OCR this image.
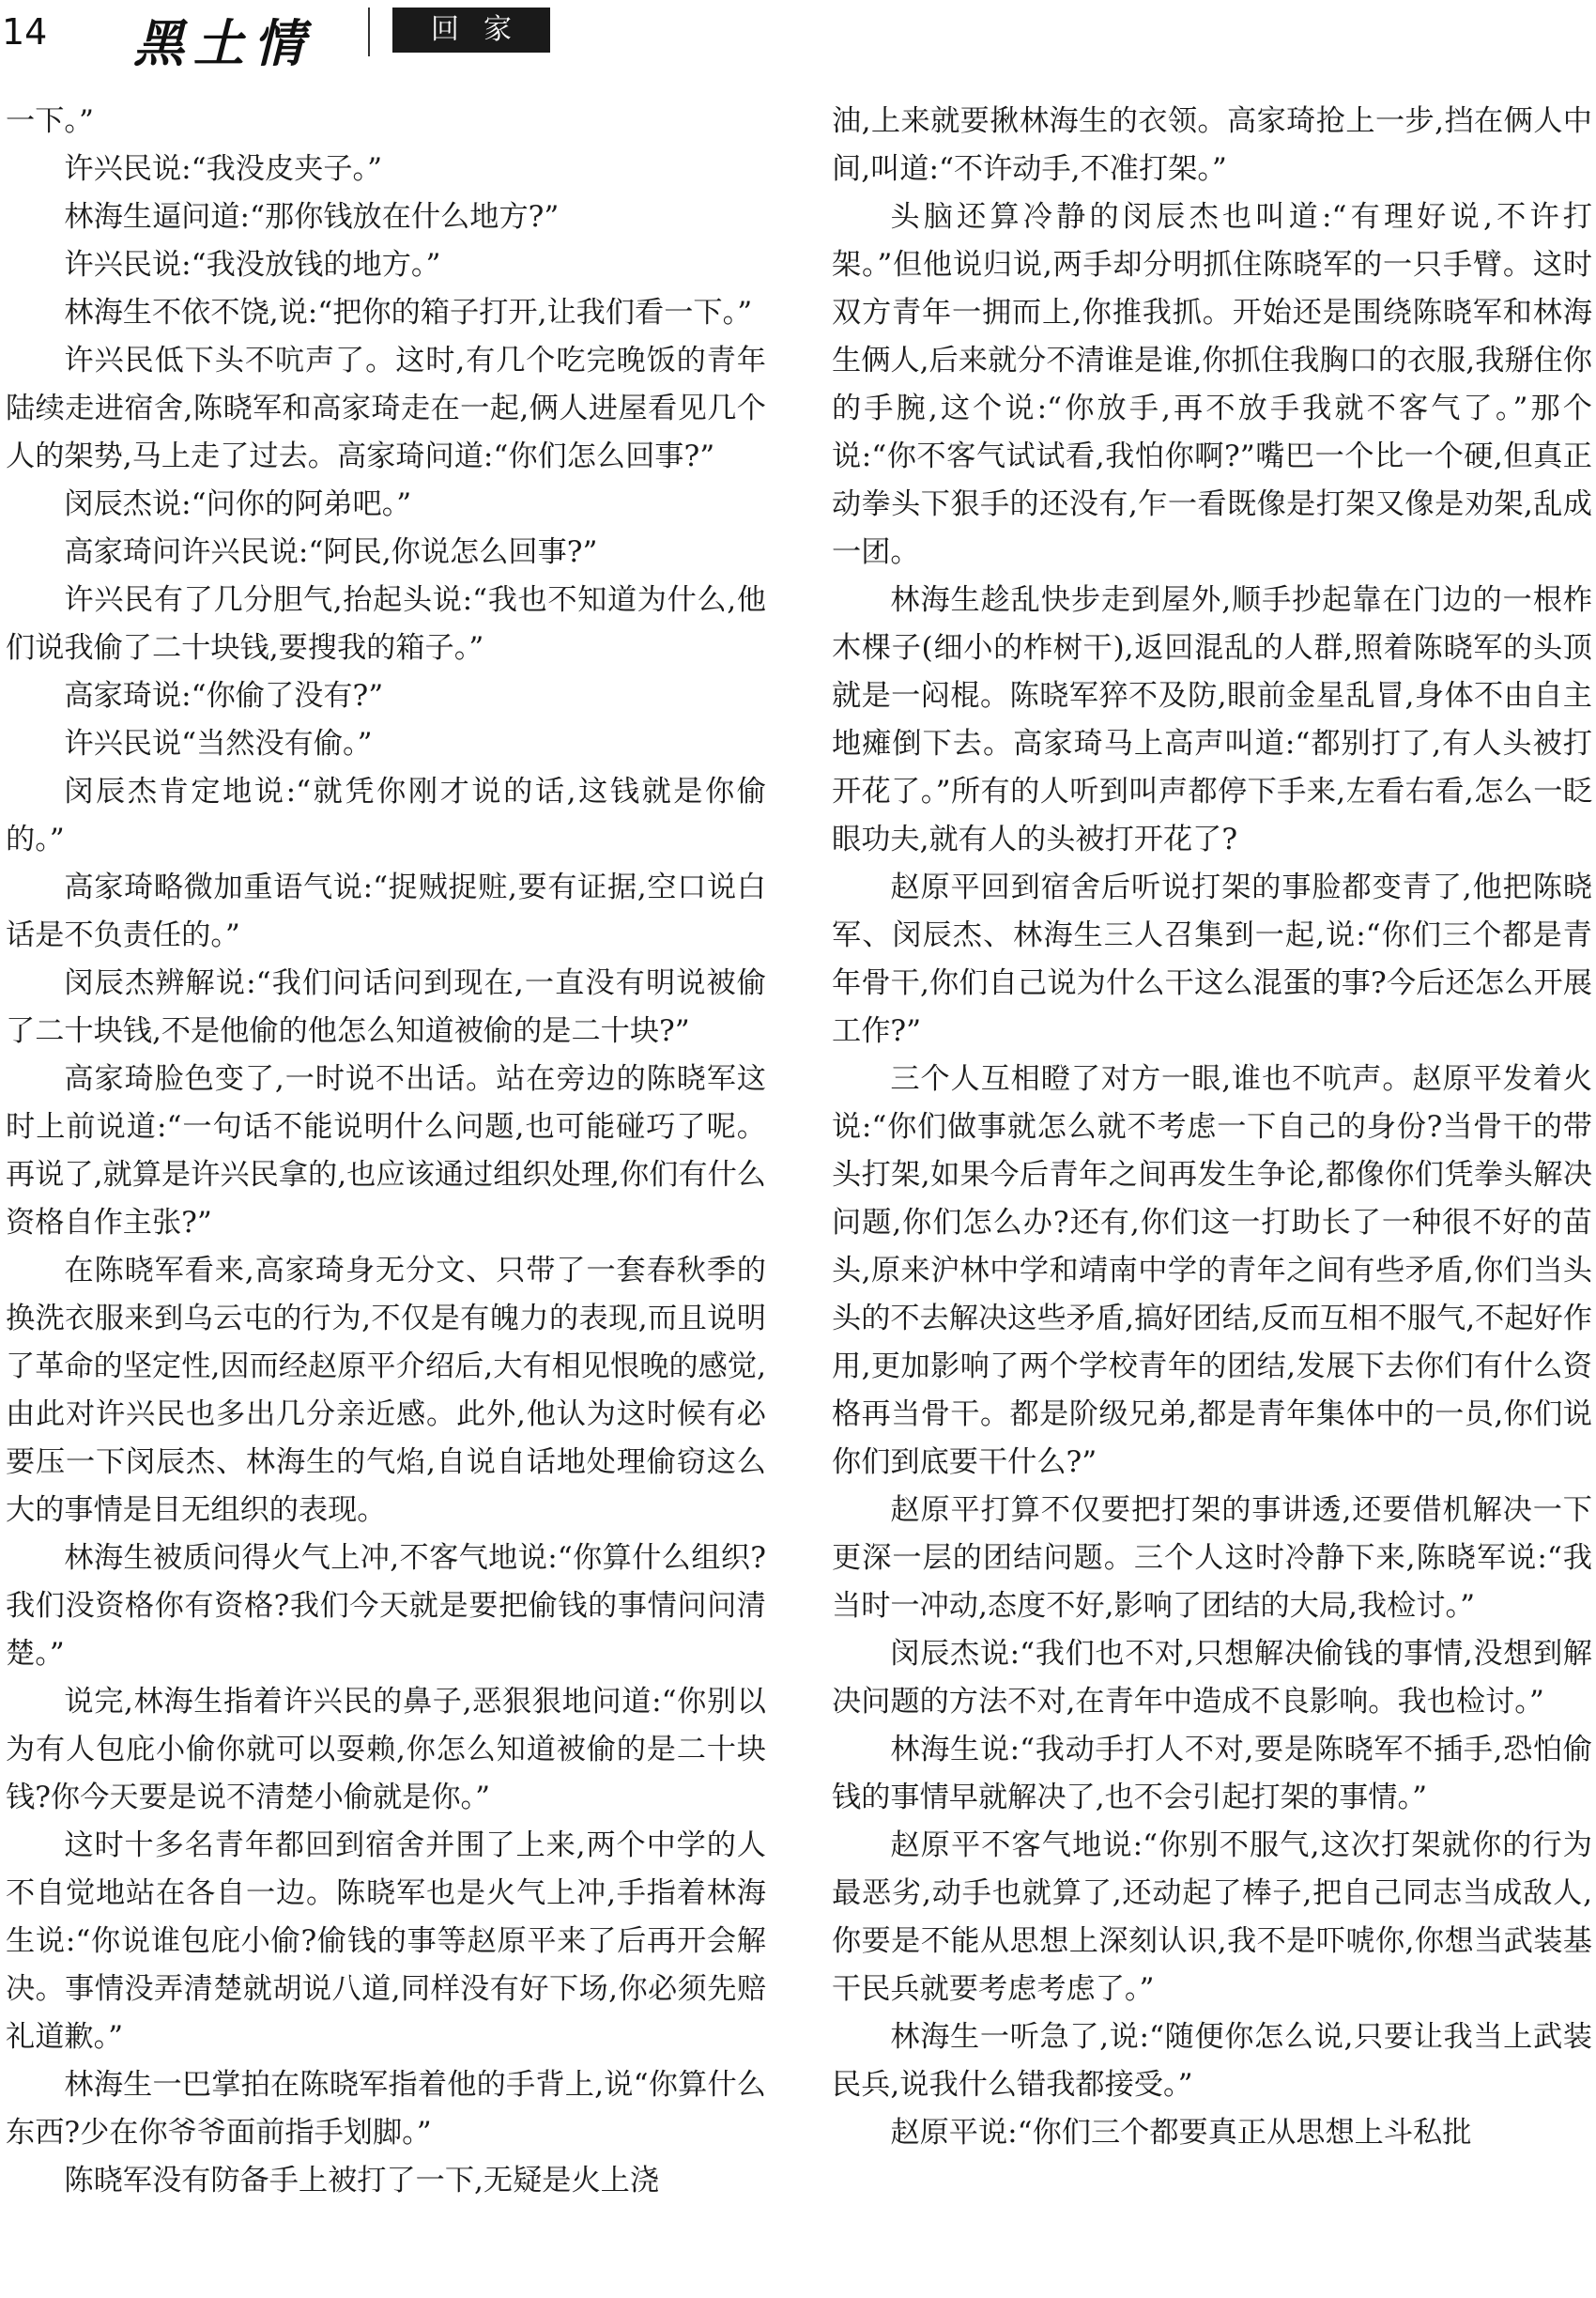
14 黑土情	回家

一下。”

许兴民说:“我没皮夹子。”

林海生逼问道:“那你钱放在什么地方?”

许兴民说:“我没放钱的地方。”

林海生不依不饶,说:“把你的箱子打开,让我们看一下。”

许兴民低下头不吭声了。这时,有几个吃完晚饭的青年陆续走进宿舍,陈晓军和高家琦走在一起,俩人进屋看见几个人的架势,马上走了过去。高家琦问道:“你们怎么回事?”

闵辰杰说:“问你的阿弟吧。”

高家琦问许兴民说:“阿民,你说怎么回事?”

许兴民有了几分胆气,抬起头说:“我也不知道为什么,他们说我偷了二十块钱,要搜我的箱子。”

高家琦说:“你偷了没有?”

许兴民说“当然没有偷。”

闵辰杰肯定地说:“就凭你刚才说的话,这钱就是你偷的。”

高家琦略微加重语气说:“捉贼捉赃,要有证据,空口说白话是不负责任的。”

闵辰杰辨解说:“我们问话问到现在,一直没有明说被偷了二十块钱,不是他偷的他怎么知道被偷的是二十块?”

高家琦脸色变了,一时说不出话。站在旁边的陈晓军这时上前说道:“一句话不能说明什么问题,也可能碰巧了呢。再说了,就算是许兴民拿的,也应该通过组织处理,你们有什么资格自作主张?”

在陈晓军看来,高家琦身无分文、只带了一套春秋季的换洗衣服来到乌云屯的行为,不仅是有魄力的表现,而且说明了革命的坚定性,因而经赵原平介绍后,大有相见恨晚的感觉,由此对许兴民也多出几分亲近感。此外,他认为这时候有必要压一下闵辰杰、林海生的气焰,自说自话地处理偷窃这么大的事情是目无组织的表现。

林海生被质问得火气上冲,不客气地说:“你算什么组织?我们没资格你有资格?我们今天就是要把偷钱的事情问问清楚。”

说完,林海生指着许兴民的鼻子,恶狠狠地问道:“你别以为有人包庇小偷你就可以耍赖,你怎么知道被偷的是二十块钱?你今天要是说不清楚小偷就是你。”

这时十多名青年都回到宿舍并围了上来,两个中学的人不自觉地站在各自一边。陈晓军也是火气上冲,手指着林海生说:“你说谁包庇小偷?偷钱的事等赵原平来了后再开会解决。事情没弄清楚就胡说八道,同样没有好下场,你必须先赔礼道歉。”

林海生一巴掌拍在陈晓军指着他的手背上,说“你算什么东西?少在你爷爷面前指手划脚。”

陈晓军没有防备手上被打了一下,无疑是火上浇

油,上来就要揪林海生的衣领。高家琦抢上一步,挡在俩人中间,叫道:“不许动手,不准打架。”

头脑还算冷静的闵辰杰也叫道:“有理好说,不许打架。”但他说归说,两手却分明抓住陈晓军的一只手臂。这时双方青年一拥而上,你推我抓。开始还是围绕陈晓军和林海生俩人,后来就分不清谁是谁,你抓住我胸口的衣服,我掰住你的手腕,这个说:“你放手,再不放手我就不客气了。”那个说:“你不客气试试看,我怕你啊?”嘴巴一个比一个硬,但真正动拳头下狠手的还没有,乍一看既像是打架又像是劝架,乱成一团。

林海生趁乱快步走到屋外,顺手抄起靠在门边的一根柞木棵子(细小的柞树干),返回混乱的人群,照着陈晓军的头顶就是一闷棍。陈晓军猝不及防,眼前金星乱冒,身体不由自主地瘫倒下去。高家琦马上高声叫道:“都别打了,有人头被打开花了。”所有的人听到叫声都停下手来,左看右看,怎么一眨眼功夫,就有人的头被打开花了?

赵原平回到宿舍后听说打架的事脸都变青了,他把陈晓军、闵辰杰、林海生三人召集到一起,说:“你们三个都是青年骨干,你们自己说为什么干这么混蛋的事?今后还怎么开展工作?”

三个人互相瞪了对方一眼,谁也不吭声。赵原平发着火说:“你们做事就怎么就不考虑一下自己的身份?当骨干的带头打架,如果今后青年之间再发生争论,都像你们凭拳头解决问题,你们怎么办?还有,你们这一打助长了一种很不好的苗头,原来沪林中学和靖南中学的青年之间有些矛盾,你们当头头的不去解决这些矛盾,搞好团结,反而互相不服气,不起好作用,更加影响了两个学校青年的团结,发展下去你们有什么资格再当骨干。都是阶级兄弟,都是青年集体中的一员,你们说你们到底要干什么?”

赵原平打算不仅要把打架的事讲透,还要借机解决一下更深一层的团结问题。三个人这时冷静下来,陈晓军说:“我当时一冲动,态度不好,影响了团结的大局,我检讨。”

闵辰杰说:“我们也不对,只想解决偷钱的事情,没想到解决问题的方法不对,在青年中造成不良影响。我也检讨。”

林海生说:“我动手打人不对,要是陈晓军不插手,恐怕偷钱的事情早就解决了,也不会引起打架的事情。”

赵原平不客气地说:“你别不服气,这次打架就你的行为最恶劣,动手也就算了,还动起了棒子,把自己同志当成敌人,你要是不能从思想上深刻认识,我不是吓唬你,你想当武装基干民兵就要考虑考虑了。”

林海生一听急了,说:“随便你怎么说,只要让我当上武装民兵,说我什么错我都接受。”

赵原平说:“你们三个都要真正从思想上斗私批
